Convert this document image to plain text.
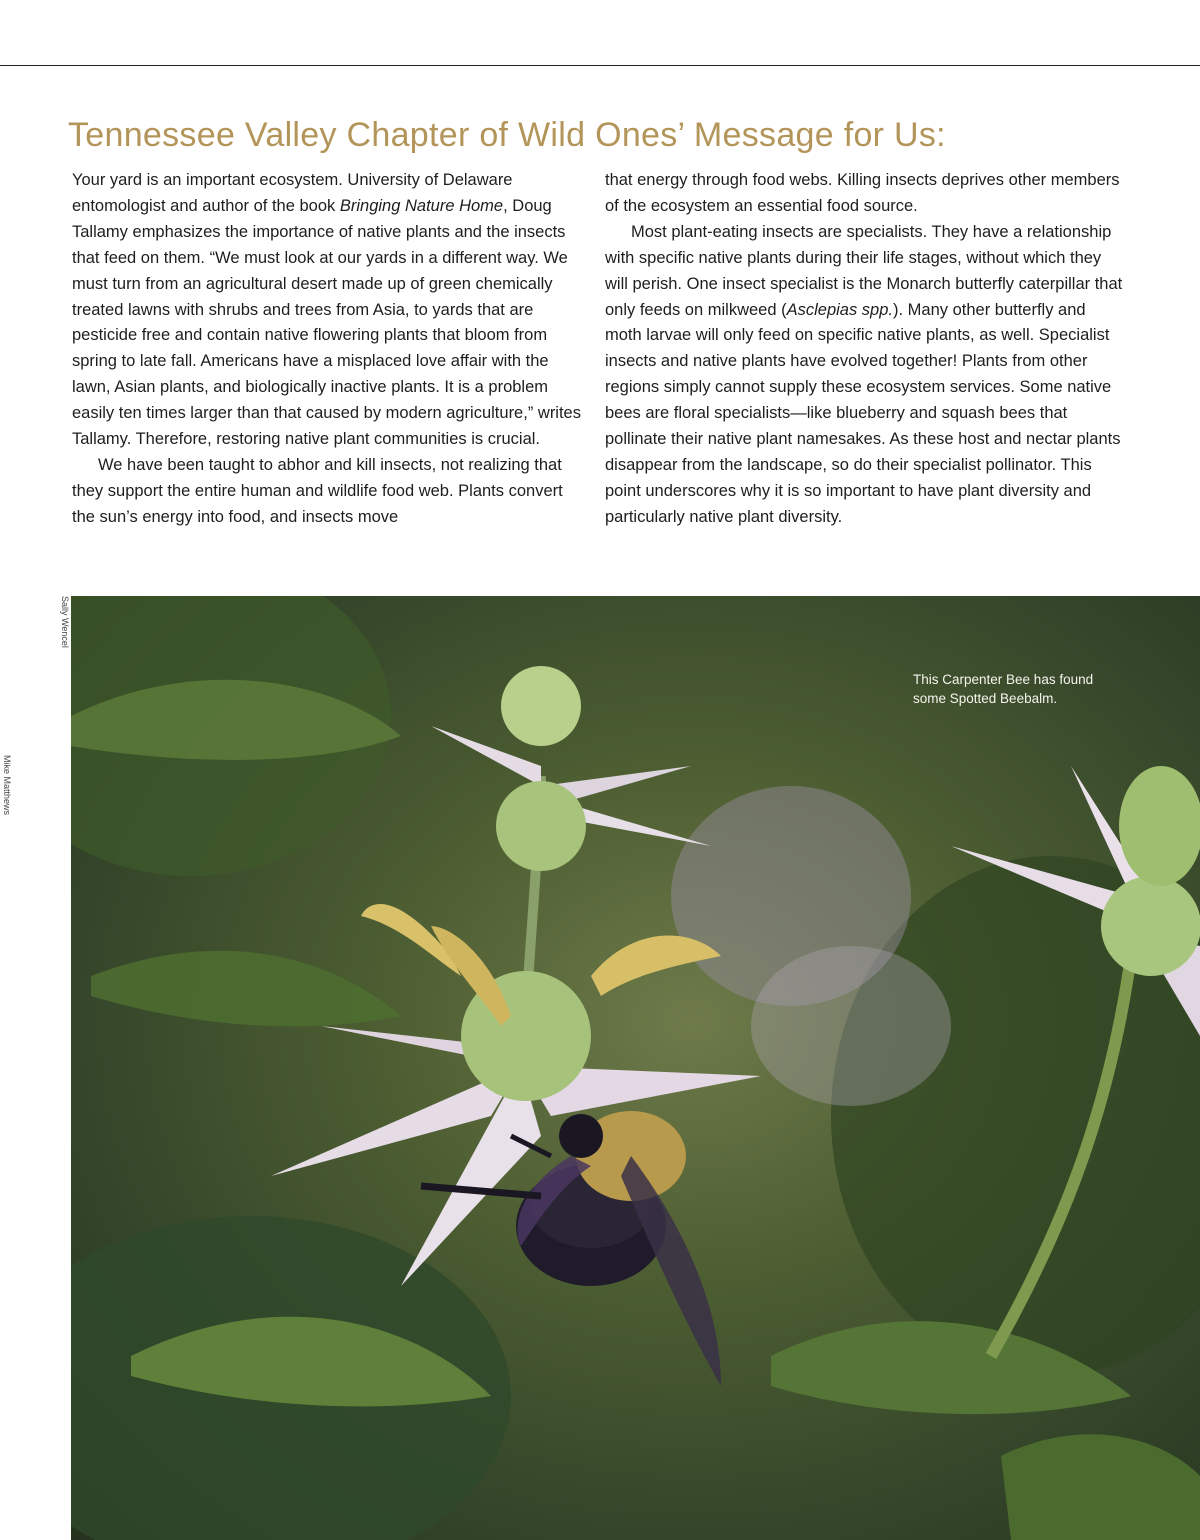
Tennessee Valley Chapter of Wild Ones’ Message for Us:

Your yard is an important ecosystem. University of Delaware entomologist and author of the book Bringing Nature Home, Doug Tallamy emphasizes the importance of native plants and the insects that feed on them. “We must look at our yards in a different way. We must turn from an agricultural desert made up of green chemically treated lawns with shrubs and trees from Asia, to yards that are pesticide free and contain native flowering plants that bloom from spring to late fall. Americans have a misplaced love affair with the lawn, Asian plants, and biologically inactive plants. It is a problem easily ten times larger than that caused by modern agriculture,” writes Tallamy. Therefore, restoring native plant communities is crucial.

We have been taught to abhor and kill insects, not realizing that they support the entire human and wildlife food web. Plants convert the sun’s energy into food, and insects move

that energy through food webs. Killing insects deprives other members of the ecosystem an essential food source.

Most plant-eating insects are specialists. They have a relationship with specific native plants during their life stages, without which they will perish. One insect specialist is the Monarch butterfly caterpillar that only feeds on milkweed (Asclepias spp.). Many other butterfly and moth larvae will only feed on specific native plants, as well. Specialist insects and native plants have evolved together! Plants from other regions simply cannot supply these ecosystem services. Some native bees are floral specialists—like blueberry and squash bees that pollinate their native plant namesakes. As these host and nectar plants disappear from the landscape, so do their specialist pollinator. This point underscores why it is so important to have plant diversity and particularly native plant diversity.

Sally Wencel
Mike Matthews
This Carpenter Bee has found some Spotted Beebalm.
